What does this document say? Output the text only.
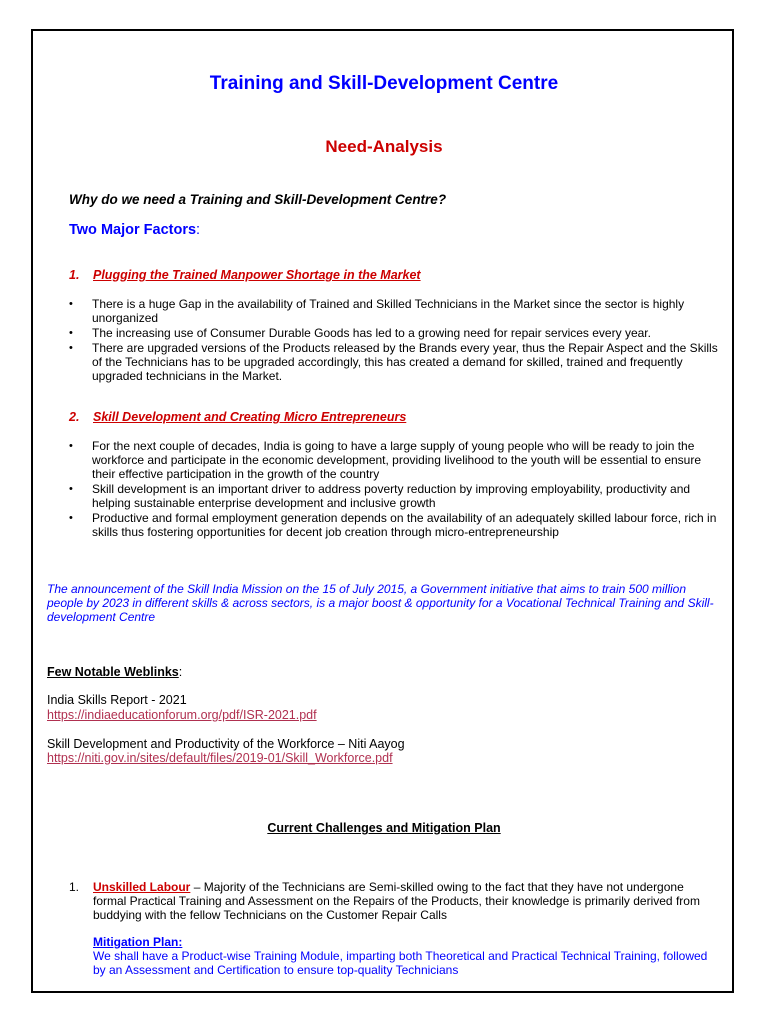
Training and Skill-Development Centre
Need-Analysis

Why do we need a Training and Skill-Development Centre?

Two Major Factors:

1. Plugging the Trained Manpower Shortage in the Market

• There is a huge Gap in the availability of Trained and Skilled Technicians in the Market since the sector is highly unorganized
• The increasing use of Consumer Durable Goods has led to a growing need for repair services every year.
• There are upgraded versions of the Products released by the Brands every year, thus the Repair Aspect and the Skills of the Technicians has to be upgraded accordingly, this has created a demand for skilled, trained and frequently upgraded technicians in the Market.

2. Skill Development and Creating Micro Entrepreneurs

• For the next couple of decades, India is going to have a large supply of young people who will be ready to join the workforce and participate in the economic development, providing livelihood to the youth will be essential to ensure their effective participation in the growth of the country
• Skill development is an important driver to address poverty reduction by improving employability, productivity and helping sustainable enterprise development and inclusive growth
• Productive and formal employment generation depends on the availability of an adequately skilled labour force, rich in skills thus fostering opportunities for decent job creation through micro-entrepreneurship

The announcement of the Skill India Mission on the 15 of July 2015, a Government initiative that aims to train 500 million people by 2023 in different skills & across sectors, is a major boost & opportunity for a Vocational Technical Training and Skill-development Centre

Few Notable Weblinks:

India Skills Report - 2021

https://indiaeducationforum.org/pdf/ISR-2021.pdf

Skill Development and Productivity of the Workforce – Niti Aayog

https://niti.gov.in/sites/default/files/2019-01/Skill_Workforce.pdf

Current Challenges and Mitigation Plan

1. Unskilled Labour – Majority of the Technicians are Semi-skilled owing to the fact that they have not undergone formal Practical Training and Assessment on the Repairs of the Products, their knowledge is primarily derived from buddying with the fellow Technicians on the Customer Repair Calls
Mitigation Plan:
We shall have a Product-wise Training Module, imparting both Theoretical and Practical Technical Training, followed by an Assessment and Certification to ensure top-quality Technicians
